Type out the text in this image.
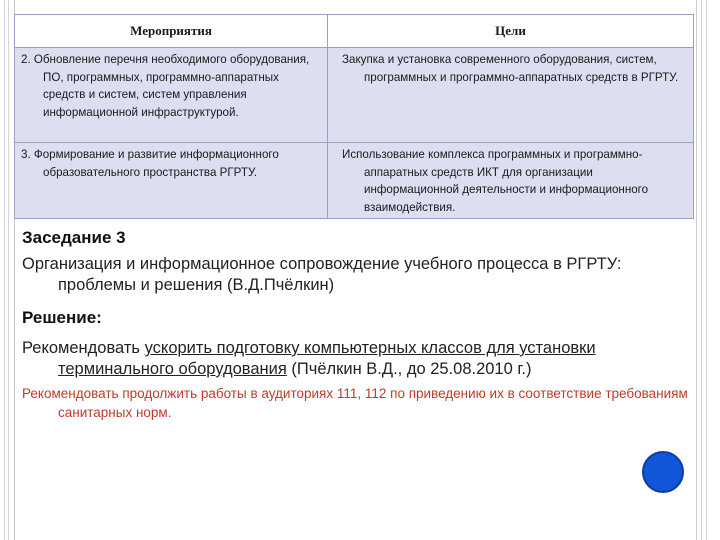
Мероприятия	Цели

2. Обновление перечня необходимого оборудования, ПО, программных, программно-аппаратных средств и систем, систем управления информационной инфраструктурой.	Закупка и установка современного оборудования, систем, программных и программно-аппаратных средств в РГРТУ.

3. Формирование и развитие информационного образовательного пространства РГРТУ.	Использование комплекса программных и программно-аппаратных средств ИКТ для организации информационной деятельности и информационного взаимодействия.
Заседание 3
Организация и информационное сопровождение учебного процесса в РГРТУ: проблемы и решения (В.Д.Пчёлкин)
Решение:
Рекомендовать ускорить подготовку компьютерных классов для установки терминального оборудования (Пчёлкин В.Д., до 25.08.2010 г.)
Рекомендовать продолжить работы в аудиториях 111, 112 по приведению их в соответствие требованиям санитарных норм.
